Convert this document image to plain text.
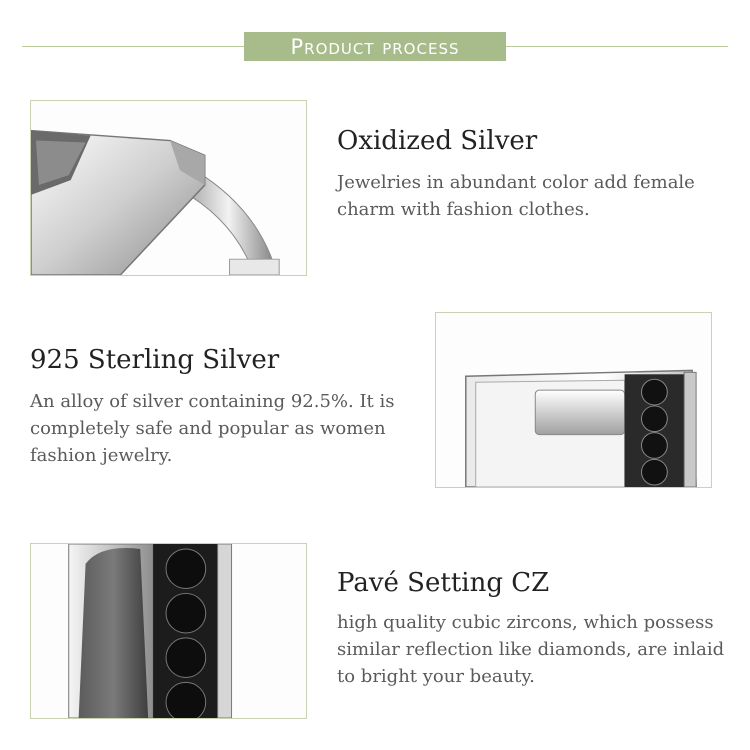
Product process
Oxidized Silver
Jewelries in abundant color add female charm with fashion clothes.
925 Sterling Silver
An alloy of silver containing 92.5%. It is completely safe and popular as women fashion jewelry.
Pavé Setting CZ
high quality cubic zircons, which possess similar reflection like diamonds, are inlaid to bright your beauty.
